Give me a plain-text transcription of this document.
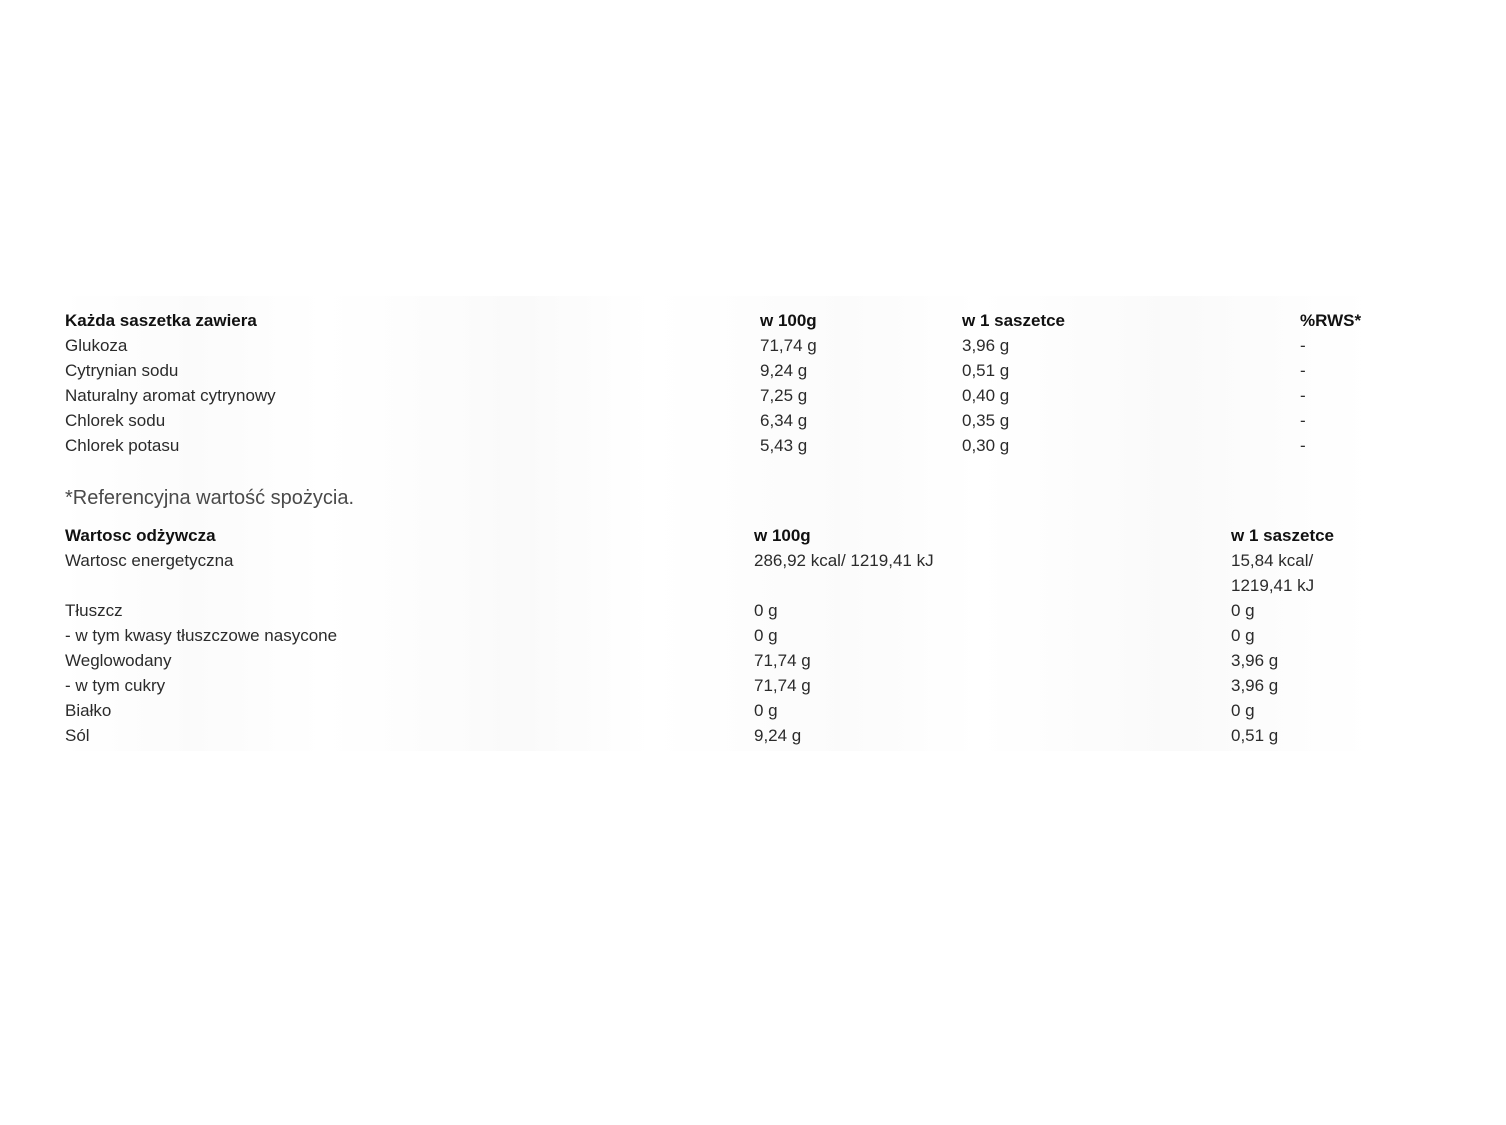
Każda saszetka zawiera	w 100g	w 1 saszetce	%RWS*
Glukoza	71,74 g	3,96 g	-
Cytrynian sodu	9,24 g	0,51 g	-
Naturalny aromat cytrynowy	7,25 g	0,40 g	-
Chlorek sodu	6,34 g	0,35 g	-
Chlorek potasu	5,43 g	0,30 g	-
*Referencyjna wartość spożycia.
Wartosc odżywcza	w 100g	w 1 saszetce
Wartosc energetyczna	286,92 kcal/ 1219,41 kJ	15,84 kcal/
1219,41 kJ
Tłuszcz	0 g	0 g
- w tym kwasy tłuszczowe nasycone	0 g	0 g
Weglowodany	71,74 g	3,96 g
- w tym cukry	71,74 g	3,96 g
Białko	0 g	0 g
Sól	9,24 g	0,51 g
